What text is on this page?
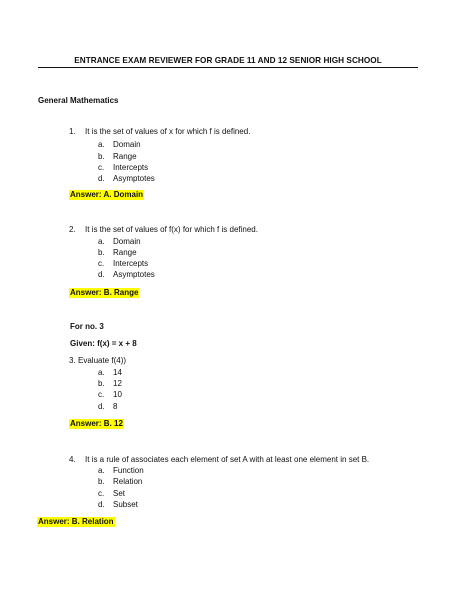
ENTRANCE EXAM REVIEWER FOR GRADE 11 AND 12 SENIOR HIGH SCHOOL
General Mathematics
1.	It is the set of values of x for which f is defined.
a.	Domain
b.	Range
c.	Intercepts
d.	Asymptotes
Answer: A. Domain
2.	It is the set of values of f(x) for which f is defined.
a.	Domain
b.	Range
c.	Intercepts
d.	Asymptotes
Answer: B. Range
For no. 3
Given: f(x) = x + 8
3. Evaluate f(4))
a.	14
b.	12
c.	10
d.	8
Answer: B. 12
4.	It is a rule of associates each element of set A with at least one element in set B.
a.	Function
b.	Relation
c.	Set
d.	Subset
Answer: B. Relation
